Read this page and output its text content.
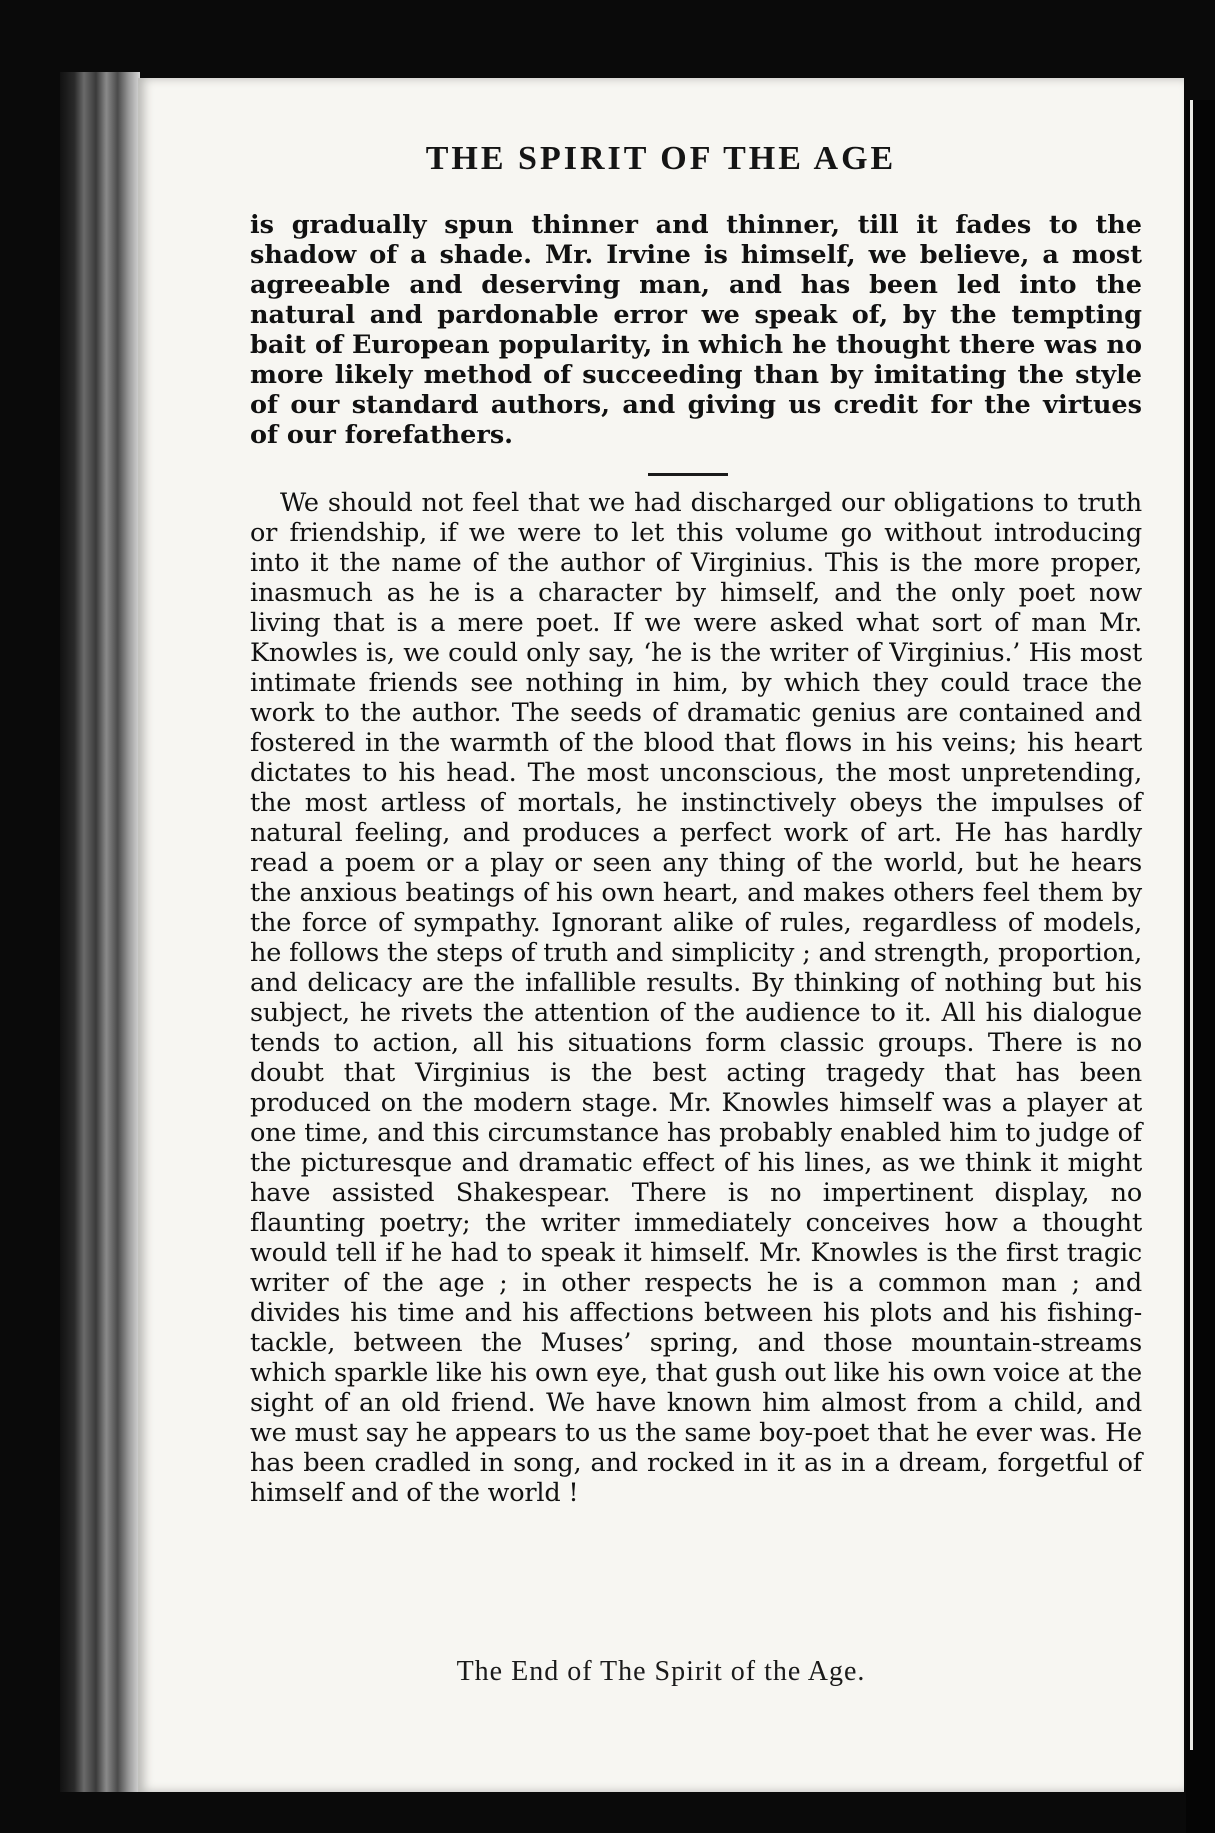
THE SPIRIT OF THE AGE

is gradually spun thinner and thinner, till it fades to the shadow of a shade. Mr. Irvine is himself, we believe, a most agreeable and deserving man, and has been led into the natural and pardonable error we speak of, by the tempting bait of European popularity, in which he thought there was no more likely method of succeeding than by imitating the style of our standard authors, and giving us credit for the virtues of our forefathers.

We should not feel that we had discharged our obligations to truth or friendship, if we were to let this volume go without introducing into it the name of the author of Virginius. This is the more proper, inasmuch as he is a character by himself, and the only poet now living that is a mere poet. If we were asked what sort of man Mr. Knowles is, we could only say, ‘he is the writer of Virginius.’ His most intimate friends see nothing in him, by which they could trace the work to the author. The seeds of dramatic genius are contained and fostered in the warmth of the blood that flows in his veins; his heart dictates to his head. The most unconscious, the most unpretending, the most artless of mortals, he instinctively obeys the impulses of natural feeling, and produces a perfect work of art. He has hardly read a poem or a play or seen any thing of the world, but he hears the anxious beatings of his own heart, and makes others feel them by the force of sympathy. Ignorant alike of rules, regardless of models, he follows the steps of truth and simplicity ; and strength, proportion, and delicacy are the infallible results. By thinking of nothing but his subject, he rivets the attention of the audience to it. All his dialogue tends to action, all his situations form classic groups. There is no doubt that Virginius is the best acting tragedy that has been produced on the modern stage. Mr. Knowles himself was a player at one time, and this circumstance has probably enabled him to judge of the picturesque and dramatic effect of his lines, as we think it might have assisted Shakespear. There is no impertinent display, no flaunting poetry; the writer immediately conceives how a thought would tell if he had to speak it himself. Mr. Knowles is the first tragic writer of the age ; in other respects he is a common man ; and divides his time and his affections between his plots and his fishing-tackle, between the Muses’ spring, and those mountain-streams which sparkle like his own eye, that gush out like his own voice at the sight of an old friend. We have known him almost from a child, and we must say he appears to us the same boy-poet that he ever was. He has been cradled in song, and rocked in it as in a dream, forgetful of himself and of the world !

The End of The Spirit of the Age.
